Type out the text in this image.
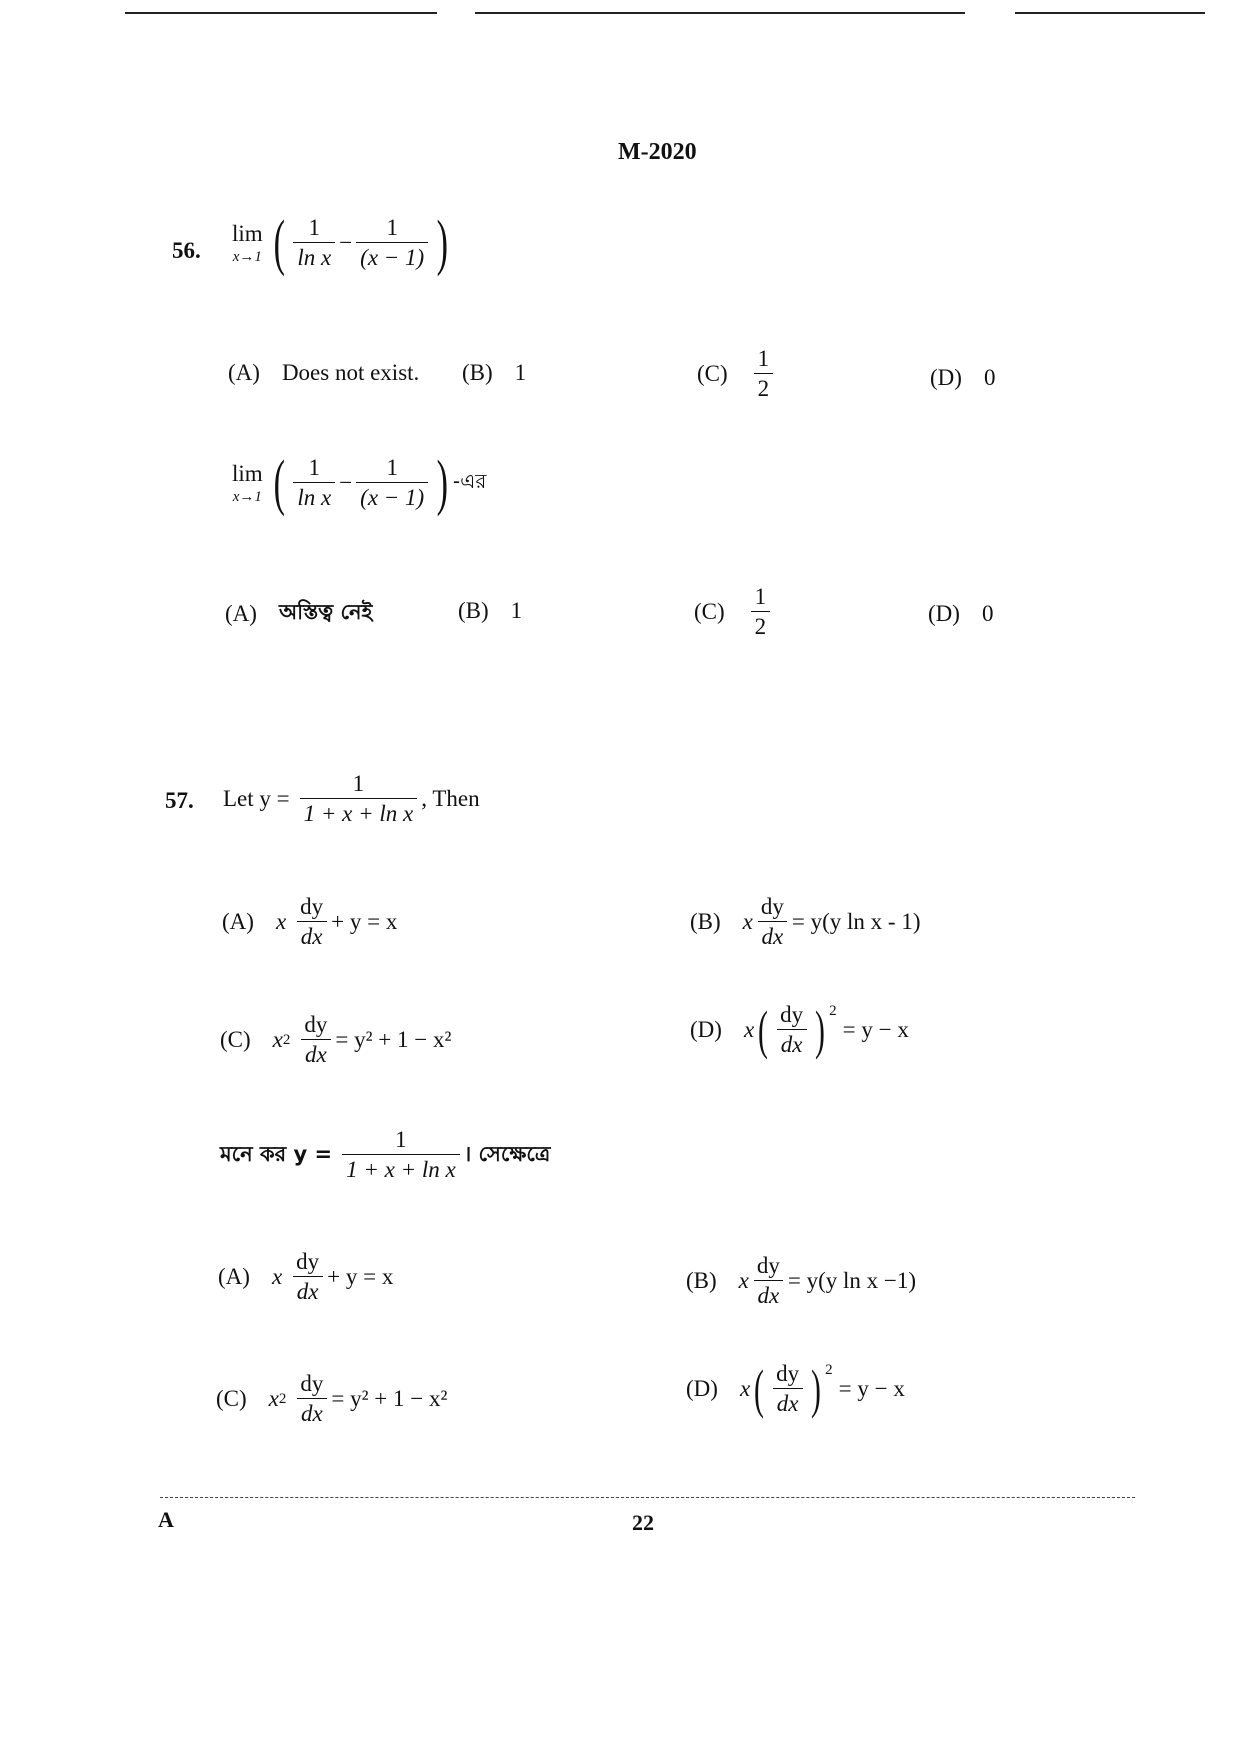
M-2020
56.
lim
x→1 ( $\frac{1}{\text{ln x}} - \frac{1}{(x - 1)}$ )
(A) Does not exist. (B) 1	$(C) \frac{1}{2}$	(D) 0
lim
x→1 ( $\frac{1}{\text{ln x}} - \frac{1}{(x - 1)}$ ) -এর
(A) অস্তিত্ব নেই	(B) 1	$(C) \frac{1}{2}$	(D) 0
57. Let $y = \frac{1}{\text{1 + x + ln x}}$ , Then
(A) x $\frac{dy}{dx} + y = x$	(B) x $\frac{dy}{dx} = y(y$ ln x - 1)
(C) x $2 \frac{dy}{dx} = y^2 + 1 - x^2$	(D) x ( $\frac{dy}{dx}$ ) $^2$
= y − x
মনে কর $y = \frac{1}{\text{1 + x + ln x}}$ । সেক্ষেত্রে
(A) x $\frac{dy}{dx} + y = x$	(B) x $\frac{dy}{dx} = y(y$ ln x −1)
(C) x $2 \frac{dy}{dx} = y^2 + 1 - x^2$	(D) x ( $\frac{dy}{dx}$ ) $^2$
= y − x
A	22
